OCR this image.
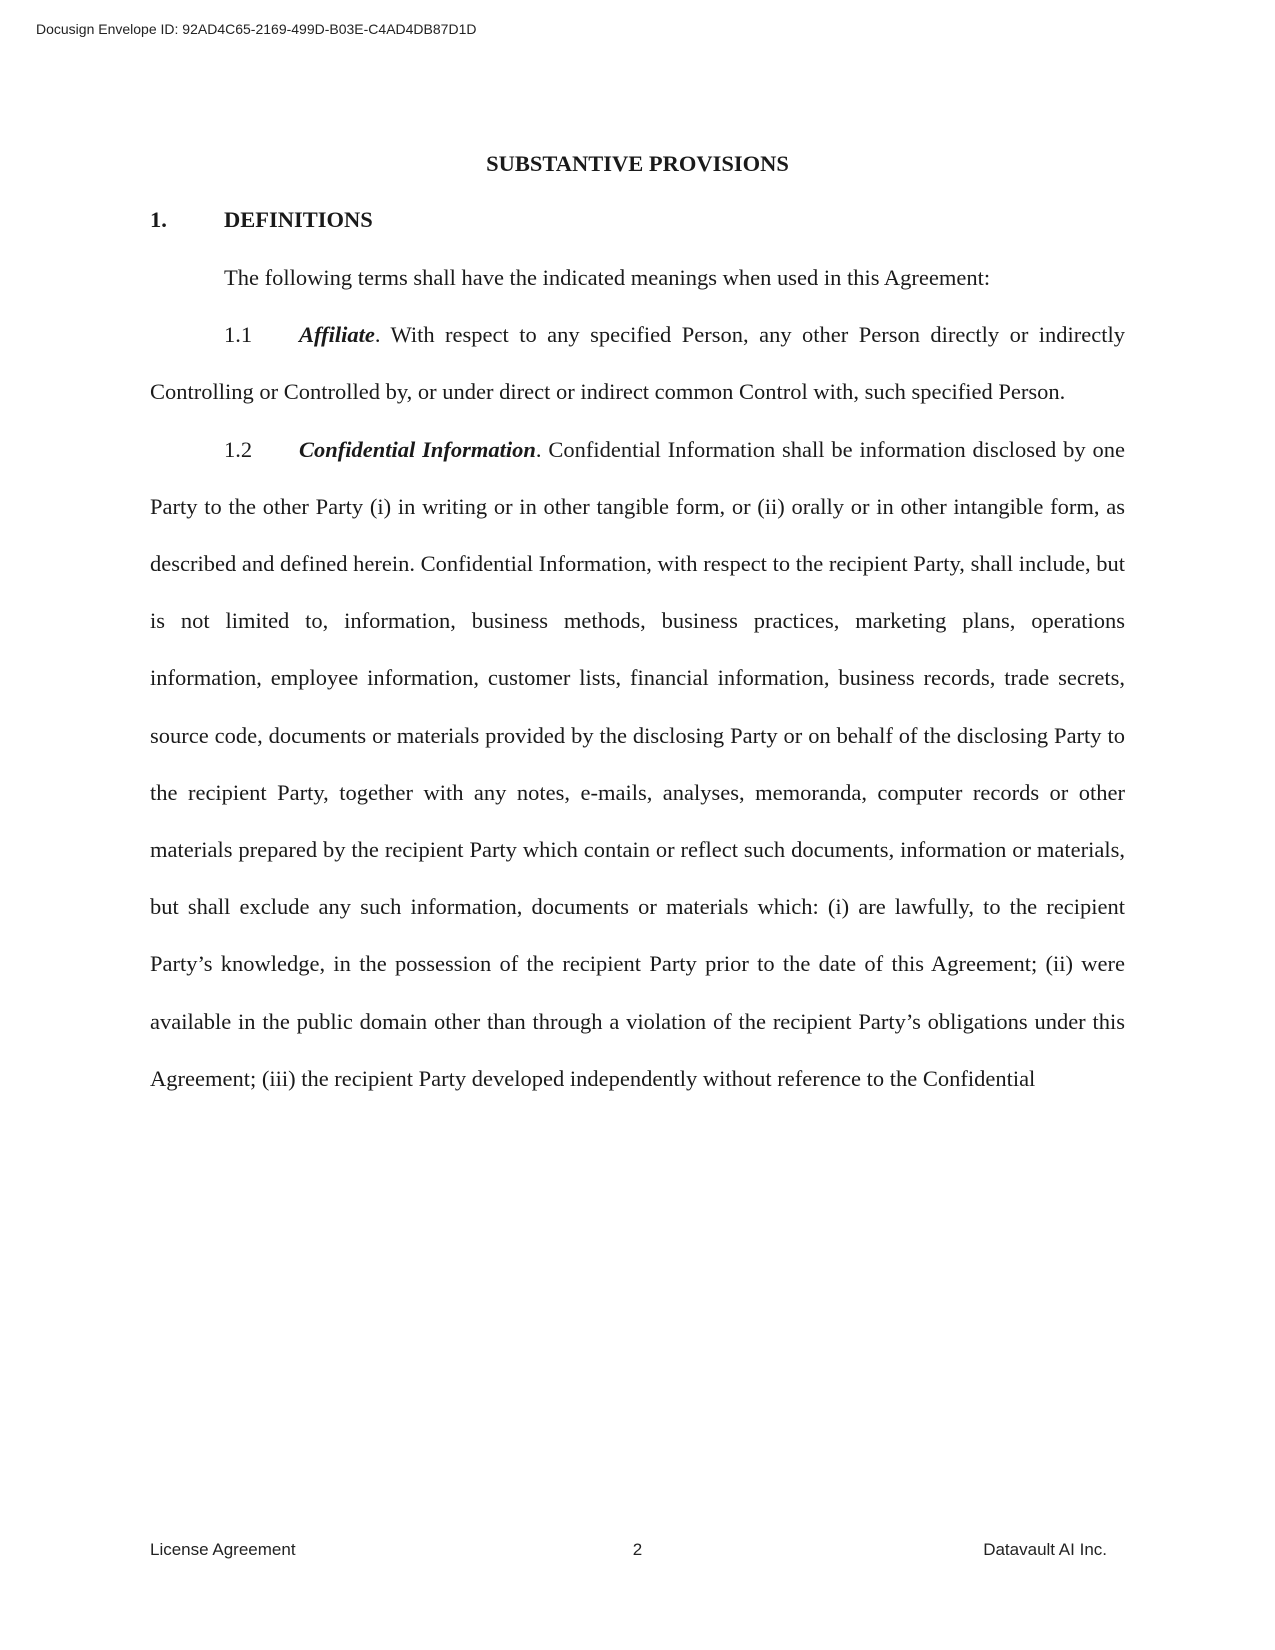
Docusign Envelope ID: 92AD4C65-2169-499D-B03E-C4AD4DB87D1D
SUBSTANTIVE PROVISIONS
1.	DEFINITIONS

The following terms shall have the indicated meanings when used in this Agreement:

1.1 Affiliate. With respect to any specified Person, any other Person directly or indirectly Controlling or Controlled by, or under direct or indirect common Control with, such specified Person.

1.2 Confidential Information. Confidential Information shall be information disclosed by one Party to the other Party (i) in writing or in other tangible form, or (ii) orally or in other intangible form, as described and defined herein. Confidential Information, with respect to the recipient Party, shall include, but is not limited to, information, business methods, business practices, marketing plans, operations information, employee information, customer lists, financial information, business records, trade secrets, source code, documents or materials provided by the disclosing Party or on behalf of the disclosing Party to the recipient Party, together with any notes, e-mails, analyses, memoranda, computer records or other materials prepared by the recipient Party which contain or reflect such documents, information or materials, but shall exclude any such information, documents or materials which: (i) are lawfully, to the recipient Party’s knowledge, in the possession of the recipient Party prior to the date of this Agreement; (ii) were available in the public domain other than through a violation of the recipient Party’s obligations under this Agreement; (iii) the recipient Party developed independently without reference to the Confidential

License Agreement	2	Datavault AI Inc.
